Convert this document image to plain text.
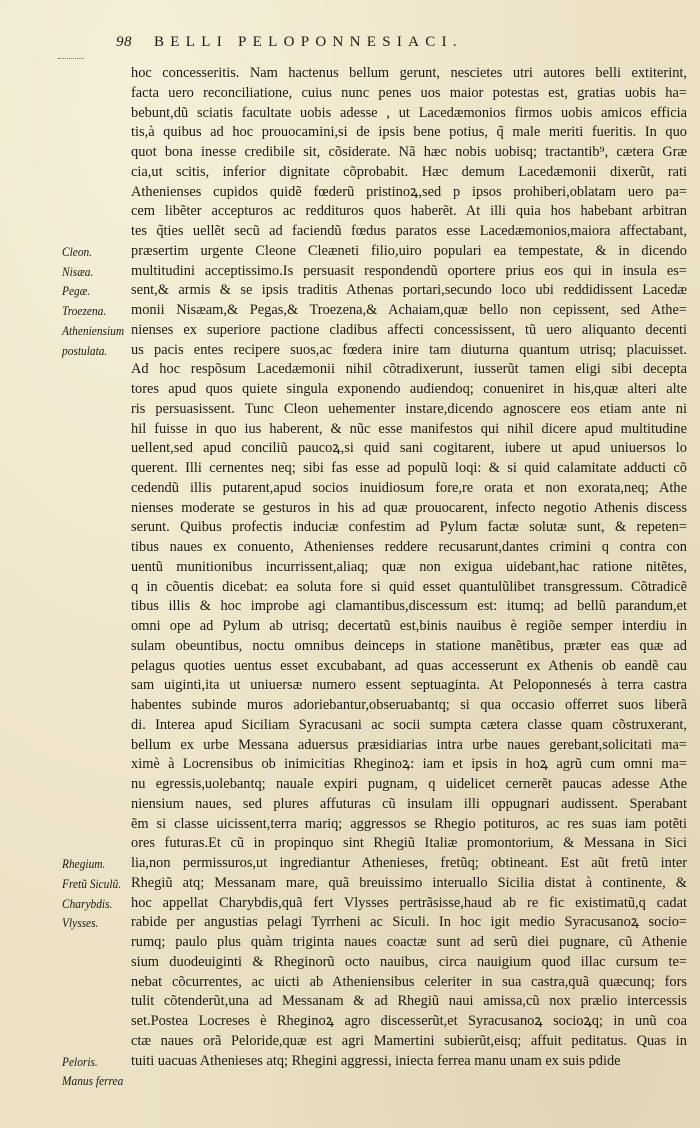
98 BELLI PELOPONNESIACI.
Cleon.
Nisæa.
Pegæ.
Troezena.
Atheniensium
postulata.
Rhegium.
Fretũ Siculũ.
Charybdis.
Vlysses.
Peloris.
Manus ferrea
hoc concesseritis. Nam hactenus bellum gerunt, nescietes utri autores belli extiterint,
facta uero reconciliatione, cuius nunc penes uos maior potestas est, gratias uobis ha=
bebunt,dũ sciatis facultate uobis adesse , ut Lacedæmonios firmos uobis amicos efficia
tis,à quibus ad hoc prouocamini,si de ipsis bene potius, q̃ male meriti fueritis. In quo
quot bona inesse credibile sit, cõsiderate. Nã hæc nobis uobisq; tractantib⁹, cætera Græ
cia,ut scitis, inferior dignitate cõprobabit. Hæc demum Lacedæmonii dixerũt, rati
Athenienses cupidos quidẽ fœderũ pristinoꝝ,sed p ipsos prohiberi,oblatam uero pa=
cem libẽter accepturos ac reddituros quos haberẽt. At illi quia hos habebant arbitran
tes q̃ties uellẽt secũ ad faciendũ fœdus paratos esse Lacedæmonios,maiora affectabant,
præsertim urgente Cleone Cleæneti filio,uiro populari ea tempestate, & in dicendo
multitudini acceptissimo.Is persuasit respondendũ oportere prius eos qui in insula es=
sent,& armis & se ipsis traditis Athenas portari,secundo loco ubi reddidissent Lacedæ
monii Nisæam,& Pegas,& Troezena,& Achaiam,quæ bello non cepissent, sed Athe=
nienses ex superiore pactione cladibus affecti concessissent, tũ uero aliquanto decenti
us pacis entes recipere suos,ac fœdera inire tam diuturna quantum utrisq; placuisset.
Ad hoc respõsum Lacedæmonii nihil cõtradixerunt, iusserũt tamen eligi sibi decepta
tores apud quos quiete singula exponendo audiendoq; conueniret in his,quæ alteri alte
ris persuasissent. Tunc Cleon uehementer instare,dicendo agnoscere eos etiam ante ni
hil fuisse in quo ius haberent, & nũc esse manifestos qui nihil dicere apud multitudine
uellent,sed apud conciliũ paucoꝝ,si quid sani cogitarent, iubere ut apud uniuersos lo
querent. Illi cernentes neq; sibi fas esse ad populũ loqi: & si quid calamitate adducti cõ
cedendũ illis putarent,apud socios inuidiosum fore,re orata et non exorata,neq; Athe
nienses moderate se gesturos in his ad quæ prouocarent, infecto negotio Athenis discess
serunt. Quibus profectis induciæ confestim ad Pylum factæ solutæ sunt, & repeten=
tibus naues ex conuento, Athenienses reddere recusarunt,dantes crimini q contra con
uentũ munitionibus incurrissent,aliaq; quæ non exigua uidebant,hac ratione nitẽtes,
q in cõuentis dicebat: ea soluta fore si quid esset quantulũlibet transgressum. Cõtradicẽ
tibus illis & hoc improbe agi clamantibus,discessum est: itumq; ad bellũ parandum,et
omni ope ad Pylum ab utrisq; decertatũ est,binis nauibus è regiõe semper interdiu in
sulam obeuntibus, noctu omnibus deinceps in statione manẽtibus, præter eas quæ ad
pelagus quoties uentus esset excubabant, ad quas accesserunt ex Athenis ob eandẽ cau
sam uiginti,ita ut uniuersæ numero essent septuaginta. At Peloponnesés à terra castra
habentes subinde muros adoriebantur,obseruabantq; si qua occasio offerret suos liberã
di. Interea apud Siciliam Syracusani ac socii sumpta cætera classe quam cõstruxerant,
bellum ex urbe Messana aduersus præsidiarias intra urbe naues gerebant,solicitati ma=
ximè à Locrensibus ob inimicitias Rheginoꝝ: iam et ipsis in hoꝝ agrũ cum omni ma=
nu egressis,uolebantq; nauale expiri pugnam, q uidelicet cernerẽt paucas adesse Athe
niensium naues, sed plures affuturas cũ insulam illi oppugnari audissent. Sperabant
ẽm si classe uicissent,terra mariq; aggressos se Rhegio potituros, ac res suas iam potẽti
ores futuras.Et cũ in propinquo sint Rhegiũ Italiæ promontorium, & Messana in Sici
lia,non permissuros,ut ingrediantur Athenieses, fretũq; obtineant. Est aũt fretũ inter
Rhegiũ atq; Messanam mare, quã breuissimo interuallo Sicilia distat à continente, &
hoc appellat Charybdis,quã fert Vlysses pertrãsisse,haud ab re fic existimatũ,q cadat
rabide per angustias pelagi Tyrrheni ac Siculi. In hoc igit medio Syracusanoꝝ socio=
rumq; paulo plus quàm triginta naues coactæ sunt ad serũ diei pugnare, cũ Athenie
sium duodeuiginti & Rheginorũ octo nauibus, circa nauigium quod illac cursum te=
nebat cõcurrentes, ac uicti ab Atheniensibus celeriter in sua castra,quã quæcunq; fors
tulit cõtenderũt,una ad Messanam & ad Rhegiũ naui amissa,cũ nox prælio intercessis
set.Postea Locreses è Rheginoꝝ agro discesserũt,et Syracusanoꝝ socioꝝq; in unũ coa
ctæ naues orã Peloride,quæ est agri Mamertini subierũt,eisq; affuit peditatus. Quas in
tuiti uacuas Athenieses atq; Rhegini aggressi, iniecta ferrea manu unam ex suis pdide
